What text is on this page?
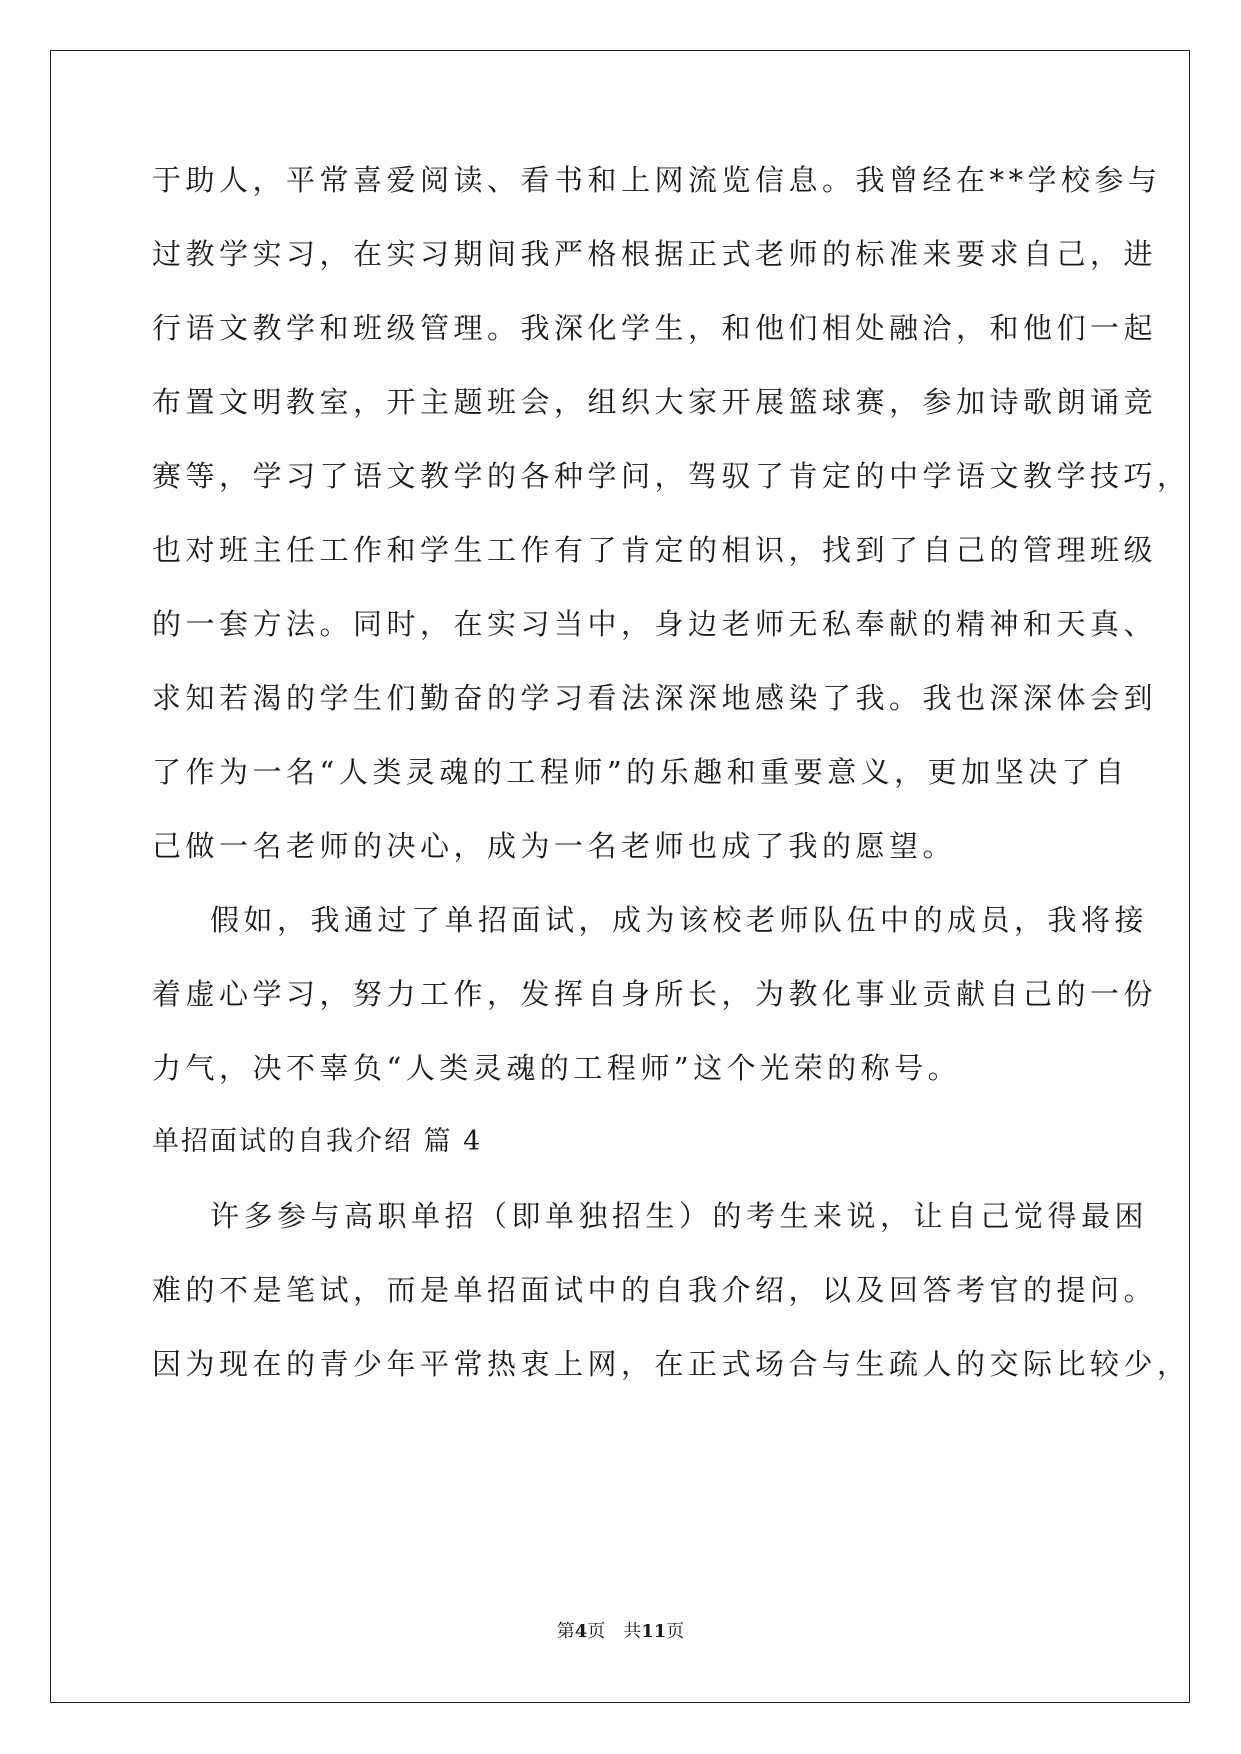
于助人，平常喜爱阅读、看书和上网流览信息。我曾经在**学校参与
过教学实习，在实习期间我严格根据正式老师的标准来要求自己，进
行语文教学和班级管理。我深化学生，和他们相处融洽，和他们一起
布置文明教室，开主题班会，组织大家开展篮球赛，参加诗歌朗诵竞
赛等，学习了语文教学的各种学问，驾驭了肯定的中学语文教学技巧，
也对班主任工作和学生工作有了肯定的相识，找到了自己的管理班级
的一套方法。同时，在实习当中，身边老师无私奉献的精神和天真、
求知若渴的学生们勤奋的学习看法深深地感染了我。我也深深体会到
了作为一名“人类灵魂的工程师”的乐趣和重要意义，更加坚决了自
己做一名老师的决心，成为一名老师也成了我的愿望。
假如，我通过了单招面试，成为该校老师队伍中的成员，我将接
着虚心学习，努力工作，发挥自身所长，为教化事业贡献自己的一份
力气，决不辜负“人类灵魂的工程师”这个光荣的称号。
单招面试的自我介绍 篇 4
许多参与高职单招（即单独招生）的考生来说，让自己觉得最困
难的不是笔试，而是单招面试中的自我介绍，以及回答考官的提问。
因为现在的青少年平常热衷上网，在正式场合与生疏人的交际比较少，
第4页　共11页
